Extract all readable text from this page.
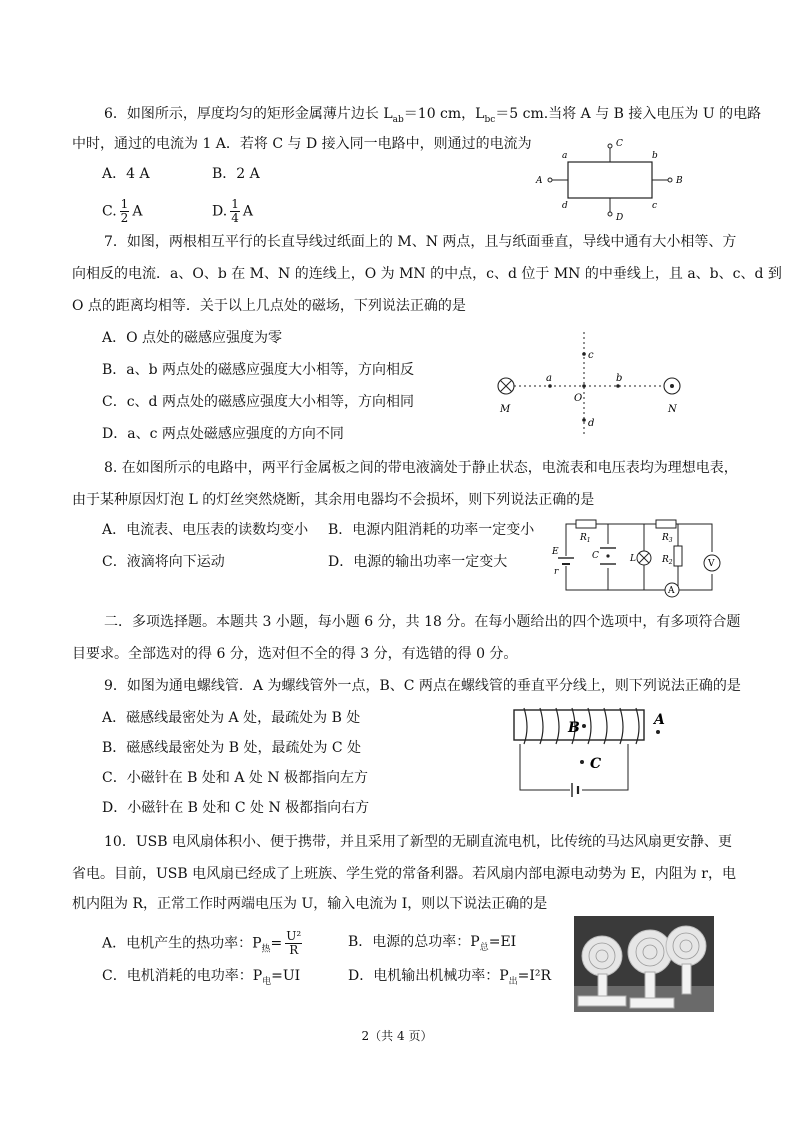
6．如图所示，厚度均匀的矩形金属薄片边长 $L_{ab}=10$ cm，$L_{bc}=5$ cm.当将 A 与 B 接入电压为 U 的电路
中时，通过的电流为 1 A．若将 C 与 D 接入同一电路中，则通过的电流为
A．4 A	B．2 A
C. $\frac{1}{2}$ A	D. $\frac{1}{4}$ A
a	b
c
d
A	B
C
D
7．如图，两根相互平行的长直导线过纸面上的 M、N 两点，且与纸面垂直，导线中通有大小相等、方
向相反的电流．a、O、b 在 M、N 的连线上，O 为 MN 的中点，c、d 位于 MN 的中垂线上，且 a、b、c、d 到
O 点的距离均相等．关于以上几点处的磁场，下列说法正确的是
A．O 点处的磁感应强度为零
B．a、b 两点处的磁感应强度大小相等，方向相反
C．c、d 两点处的磁感应强度大小相等，方向相同
D．a、c 两点处磁感应强度的方向不同
M	N
O
a	b
c
d
8. 在如图所示的电路中，两平行金属板之间的带电液滴处于静止状态，电流表和电压表均为理想电表，
由于某种原因灯泡 L 的灯丝突然烧断，其余用电器均不会损坏，则下列说法正确的是
A．电流表、电压表的读数均变小 B．电源内阻消耗的功率一定变小
C．液滴将向下运动	D．电源的输出功率一定变大
E
r
$R_1$	$R_3$
C	L	$R_2$	V
A
二．多项选择题。本题共 3 小题，每小题 6 分，共 18 分。在每小题给出的四个选项中，有多项符合题
目要求。全部选对的得 6 分，选对但不全的得 3 分，有选错的得 0 分。
9．如图为通电螺线管．A 为螺线管外一点，B、C 两点在螺线管的垂直平分线上，则下列说法正确的是
A．磁感线最密处为 A 处，最疏处为 B 处
B．磁感线最密处为 B 处，最疏处为 C 处
C．小磁针在 B 处和 A 处 N 极都指向左方
D．小磁针在 B 处和 C 处 N 极都指向右方
B	A
C
10．USB 电风扇体积小、便于携带，并且采用了新型的无刷直流电机，比传统的马达风扇更安静、更
省电。目前，USB 电风扇已经成了上班族、学生党的常备利器。若风扇内部电源电动势为 E，内阻为 r，电
机内阻为 R，正常工作时两端电压为 U，输入电流为 I，则以下说法正确的是
A．电机产生的热功率：$P_热= \frac{\text{U²}}{R}$	B．电源的总功率：$P_总=EI$
C．电机消耗的电功率：$P_电=UI$	D．电机输出机械功率：$P_出=I^2R$
2（共 4 页）
